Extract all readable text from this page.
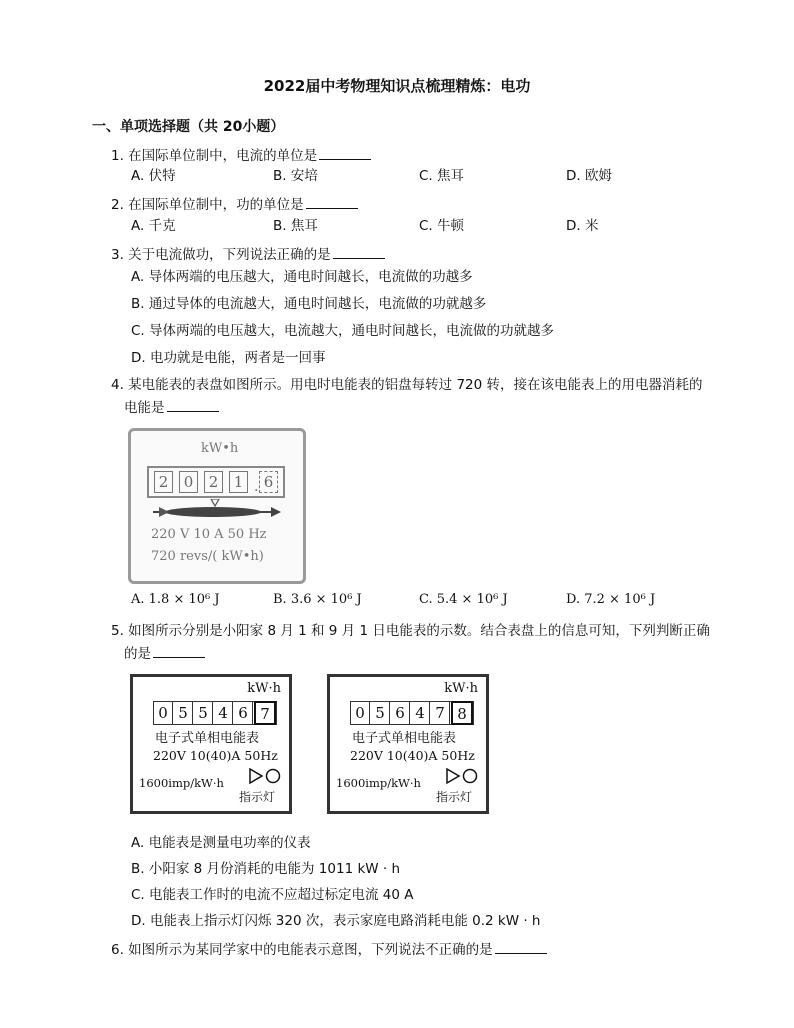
2022届中考物理知识点梳理精炼：电功
一、单项选择题（共 20小题）
1. 在国际单位制中，电流的单位是
A. 伏特	B. 安培	C. 焦耳	D. 欧姆
2. 在国际单位制中，功的单位是
A. 千克	B. 焦耳	C. 牛顿	D. 米
3. 关于电流做功，下列说法正确的是
A. 导体两端的电压越大，通电时间越长，电流做的功越多
B. 通过导体的电流越大，通电时间越长，电流做的功就越多
C. 导体两端的电压越大，电流越大，通电时间越长，电流做的功就越多
D. 电功就是电能，两者是一回事
4. 某电能表的表盘如图所示。用电时电能表的铝盘每转过 720 转，接在该电能表上的用电器消耗的
电能是
kW•h
2	0	2	1 . 6
220 V 10 A 50 Hz
720 revs/( kW•h)
A. 1.8 × 10⁶ J	B. 3.6 × 10⁶ J	C. 5.4 × 10⁶ J	D. 7.2 × 10⁶ J
5. 如图所示分别是小阳家 8 月 1 和 9 月 1 日电能表的示数。结合表盘上的信息可知，下列判断正确
的是
kW·h
0 5 5 4 6 7
电子式单相电能表
220V 10(40)A 50Hz
1600imp/kW·h
指示灯
kW·h
0 5 6 4 7 8
电子式单相电能表
220V 10(40)A 50Hz
1600imp/kW·h
指示灯
A. 电能表是测量电功率的仪表
B. 小阳家 8 月份消耗的电能为 1011 kW · h
C. 电能表工作时的电流不应超过标定电流 40 A
D. 电能表上指示灯闪烁 320 次，表示家庭电路消耗电能 0.2 kW · h
6. 如图所示为某同学家中的电能表示意图，下列说法不正确的是
